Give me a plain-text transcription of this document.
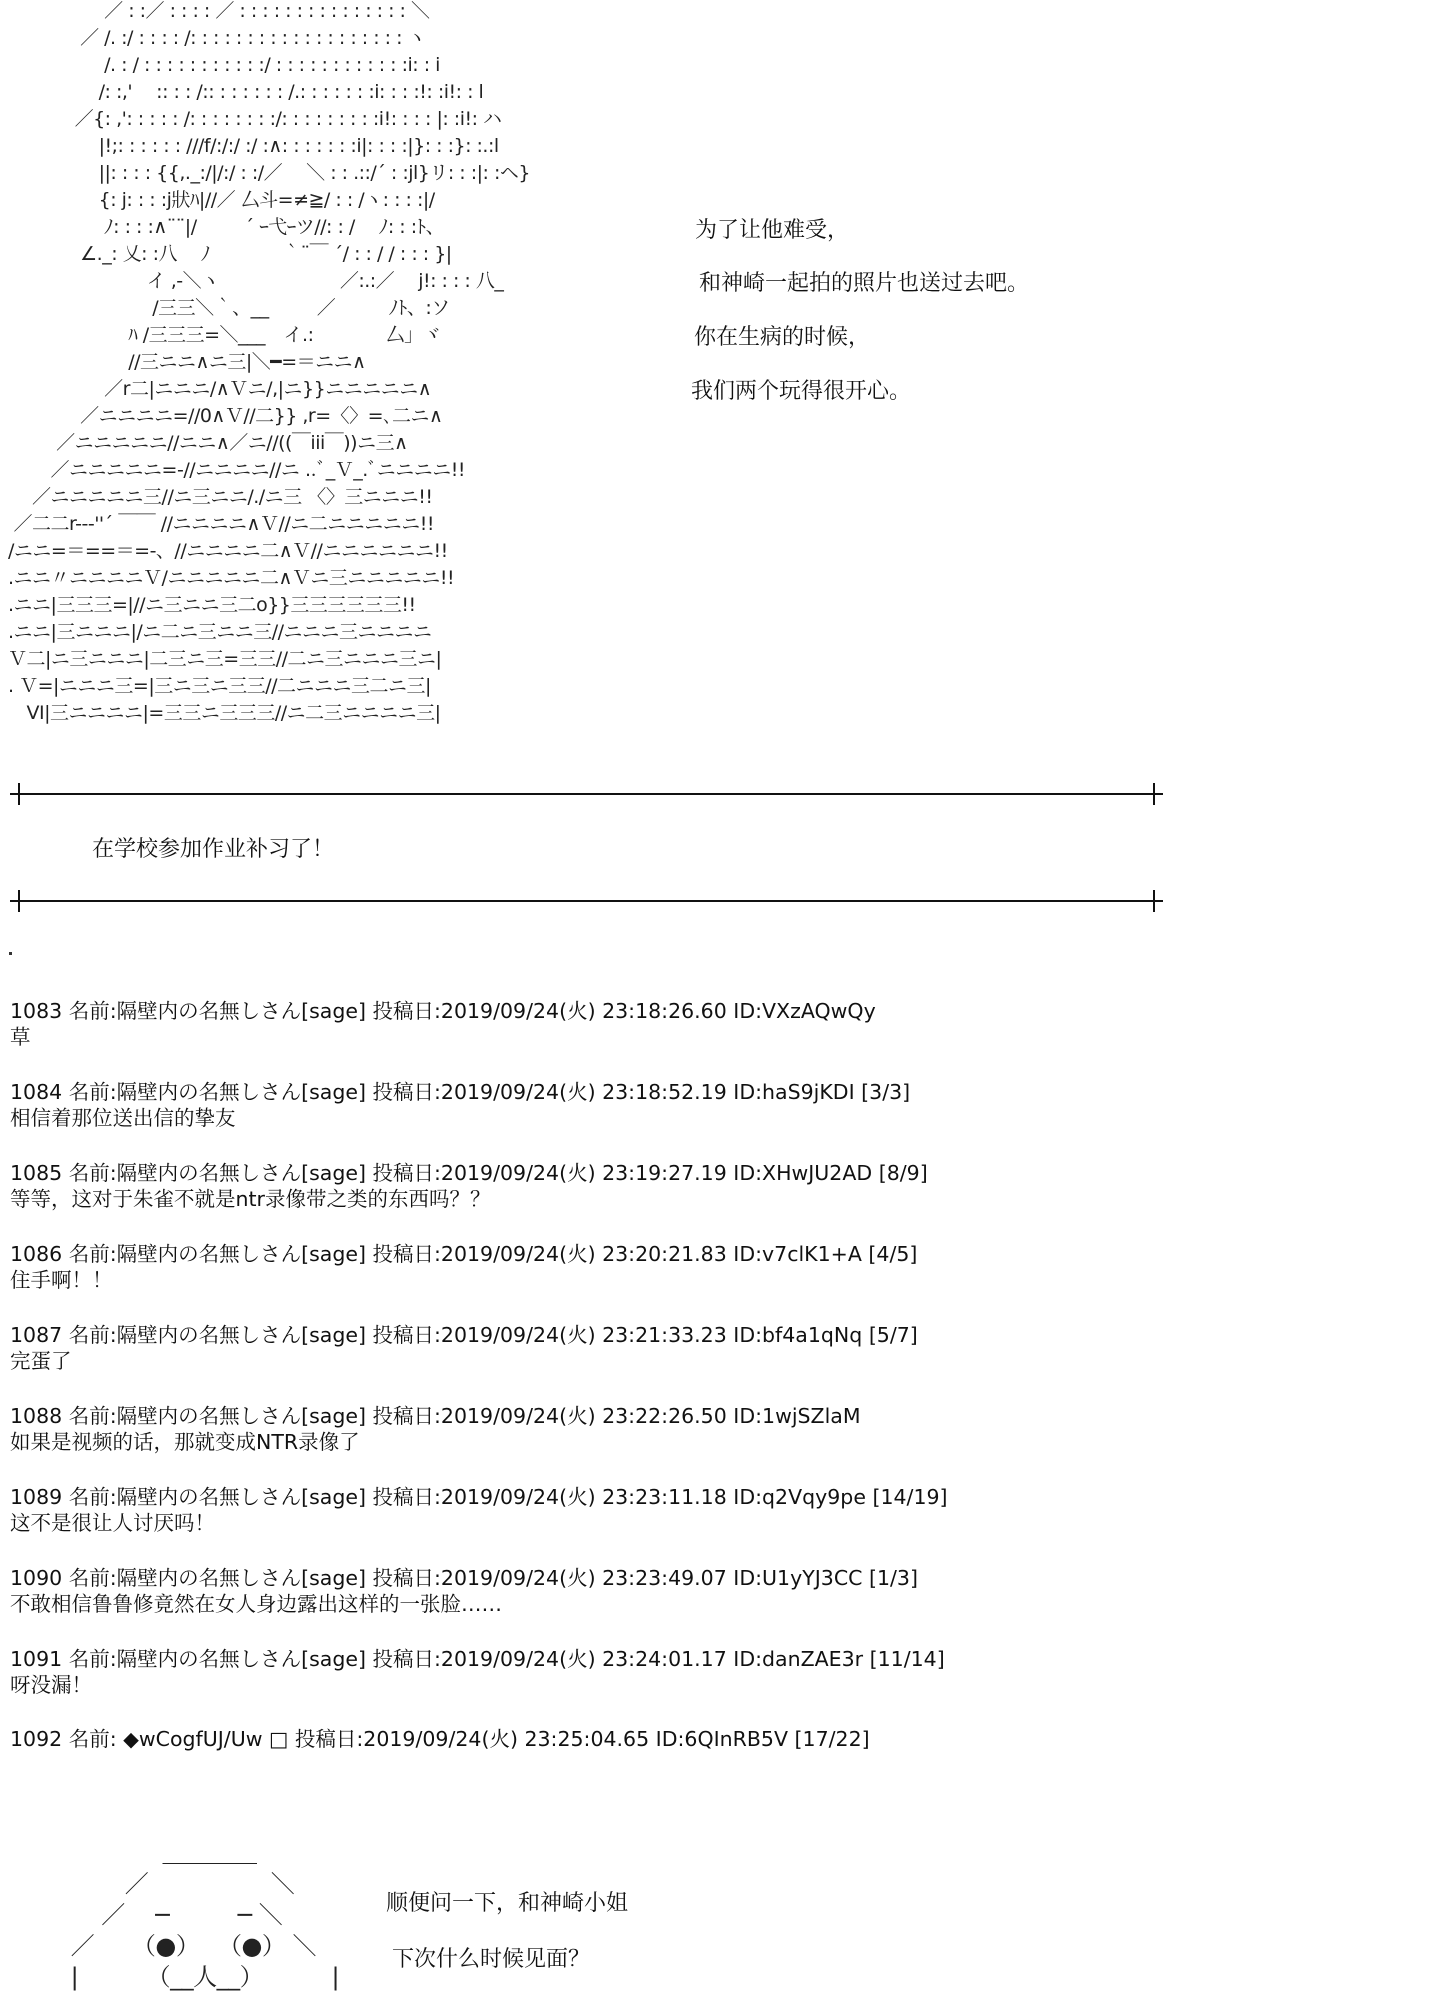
　 　 　 　 ／ : :／ : : : : ／ : : : : : : : : : : : : : : : ＼
　 　 　 ／ /. :/ : : : : /: : : : : : : : : : : : : : : : : : : ヽ
　 　 　 　 /. : / : : : : : : : : : : :/ : : : : : : : : : : : :i: : i
　 　 　 　/: :,' 　:: : : /:: : : : : : : /.: : : : : : :i: : : :!: :i!: : l
　 　 　／{: ,': : : : : /: : : : : : : :/: : : : : : : : :i!: : : : |: :i!: ハ
　 　 　 　|!;: : : : : : ///f/:/:/ :/ :∧: : : : : : :i|: : : :|}: : :}: :.:l
　 　 　 　||: : : : {{,._:/|/:/ : :/／　 ＼ : : .::/´ : :jl}リ: : :|: :ヘ}
　 　 　 　{: j: : : :j狀ﾊ|//／ 厶斗=≠≧/ : : /ヽ: : : :|/
　 　 　 　 ﾉ: : : :∧¨¨|/　 　 ´ ｰ弋ｰツ//: : / 　ﾉ: : :ﾄ、
　 　 　 ∠._: 乂: :八 　ﾉ　 　 　 ｀¨￣ ´/ : : / / : : : }|
　 　 　 　 　 　イ ,-＼ヽ　 　 　 　 　 ／:.:／　 j!: : : : 八_
　 　 　 　 　 　 /三三＼｀、__　 　 ／ 　 　 ﾉﾄ、:ソ
　 　 　 　 　 ﾊ /三三三=＼___　イ.:　 　 　 厶」ヾ
　 　 　 　 　 //三ニニ∧ニ三|＼━=＝ニニ∧
　 　 　 　 ／r二|ニニニ/∧Ｖニ/,|ニ}}ニニニニニ∧
　 　 　 ／ニニニニ=//0∧Ｖ//二}} ,r=〈〉=､二ニ∧
　 　 ／ニニニニニ//ニニ∧／ニ//((￣iii￣))ニ三∧
　 　／ニニニニニ=-//ニニニニ//ニ ..ﾞ_Ｖ_.ﾞニニニニ!!
　 ／ニニニニニ三//ニ三ニニ/./ニ三 〈〉三ニニニ!!
／二二r--‐''´ ￣￣ //ニニニニ∧Ｖ//ニ二ニニニニニ!!
/ニニ=＝==＝=-、//ニニニニ二∧Ｖ//ニニニニニニ!!
.ニニ〃ニニニニＶ/ニニニニニ二∧Ｖニ三ニニニニニ!!
.ニニ|三三三=|//ニ三ニニ三二o}}三三三三三三!!
.ニニ|三ニニニ|/ニ二ニ三ニニ三//ニニニ三ニニニニ
Ｖ二|ニ三ニニニ|二三ニ三=三三//二ニ三ニニニ三ニ|
. Ｖ=|ニニニ三=|三ニ三ニ三三//二ニニニ三二ニ三|
　VI|三ニニニニ|=三三ニ三三三//ニ二三ニニニニ三|
为了让他难受，
和神崎一起拍的照片也送过去吧。
你在生病的时候，
我们两个玩得很开心。
在学校参加作业补习了！
1083 名前:隔壁内の名無しさん[sage] 投稿日:2019/09/24(火) 23:18:26.60 ID:VXzAQwQy
草
1084 名前:隔壁内の名無しさん[sage] 投稿日:2019/09/24(火) 23:18:52.19 ID:haS9jKDI [3/3]
相信着那位送出信的挚友
1085 名前:隔壁内の名無しさん[sage] 投稿日:2019/09/24(火) 23:19:27.19 ID:XHwJU2AD [8/9]
等等，这对于朱雀不就是ntr录像带之类的东西吗？？
1086 名前:隔壁内の名無しさん[sage] 投稿日:2019/09/24(火) 23:20:21.83 ID:v7clK1+A [4/5]
住手啊！！
1087 名前:隔壁内の名無しさん[sage] 投稿日:2019/09/24(火) 23:21:33.23 ID:bf4a1qNq [5/7]
完蛋了
1088 名前:隔壁内の名無しさん[sage] 投稿日:2019/09/24(火) 23:22:26.50 ID:1wjSZlaM
如果是视频的话，那就变成NTR录像了
1089 名前:隔壁内の名無しさん[sage] 投稿日:2019/09/24(火) 23:23:11.18 ID:q2Vqy9pe [14/19]
这不是很让人讨厌吗！
1090 名前:隔壁内の名無しさん[sage] 投稿日:2019/09/24(火) 23:23:49.07 ID:U1yYJ3CC [1/3]
不敢相信鲁鲁修竟然在女人身边露出这样的一张脸……
1091 名前:隔壁内の名無しさん[sage] 投稿日:2019/09/24(火) 23:24:01.17 ID:danZAE3r [11/14]
呀没漏！
1092 名前: ◆wCogfUJ/Uw □ 投稿日:2019/09/24(火) 23:25:04.65 ID:6QInRB5V [17/22]
　 　 　 　 ＿＿＿＿
　 　 　／ 　 　 　 　＼
　 　 ／　 ─ 　 　 ─ ＼
　 ／ 　 （●） 　（●） ＼
　 | 　 　 （__人__） 　 　 |
顺便问一下，和神崎小姐
下次什么时候见面？
